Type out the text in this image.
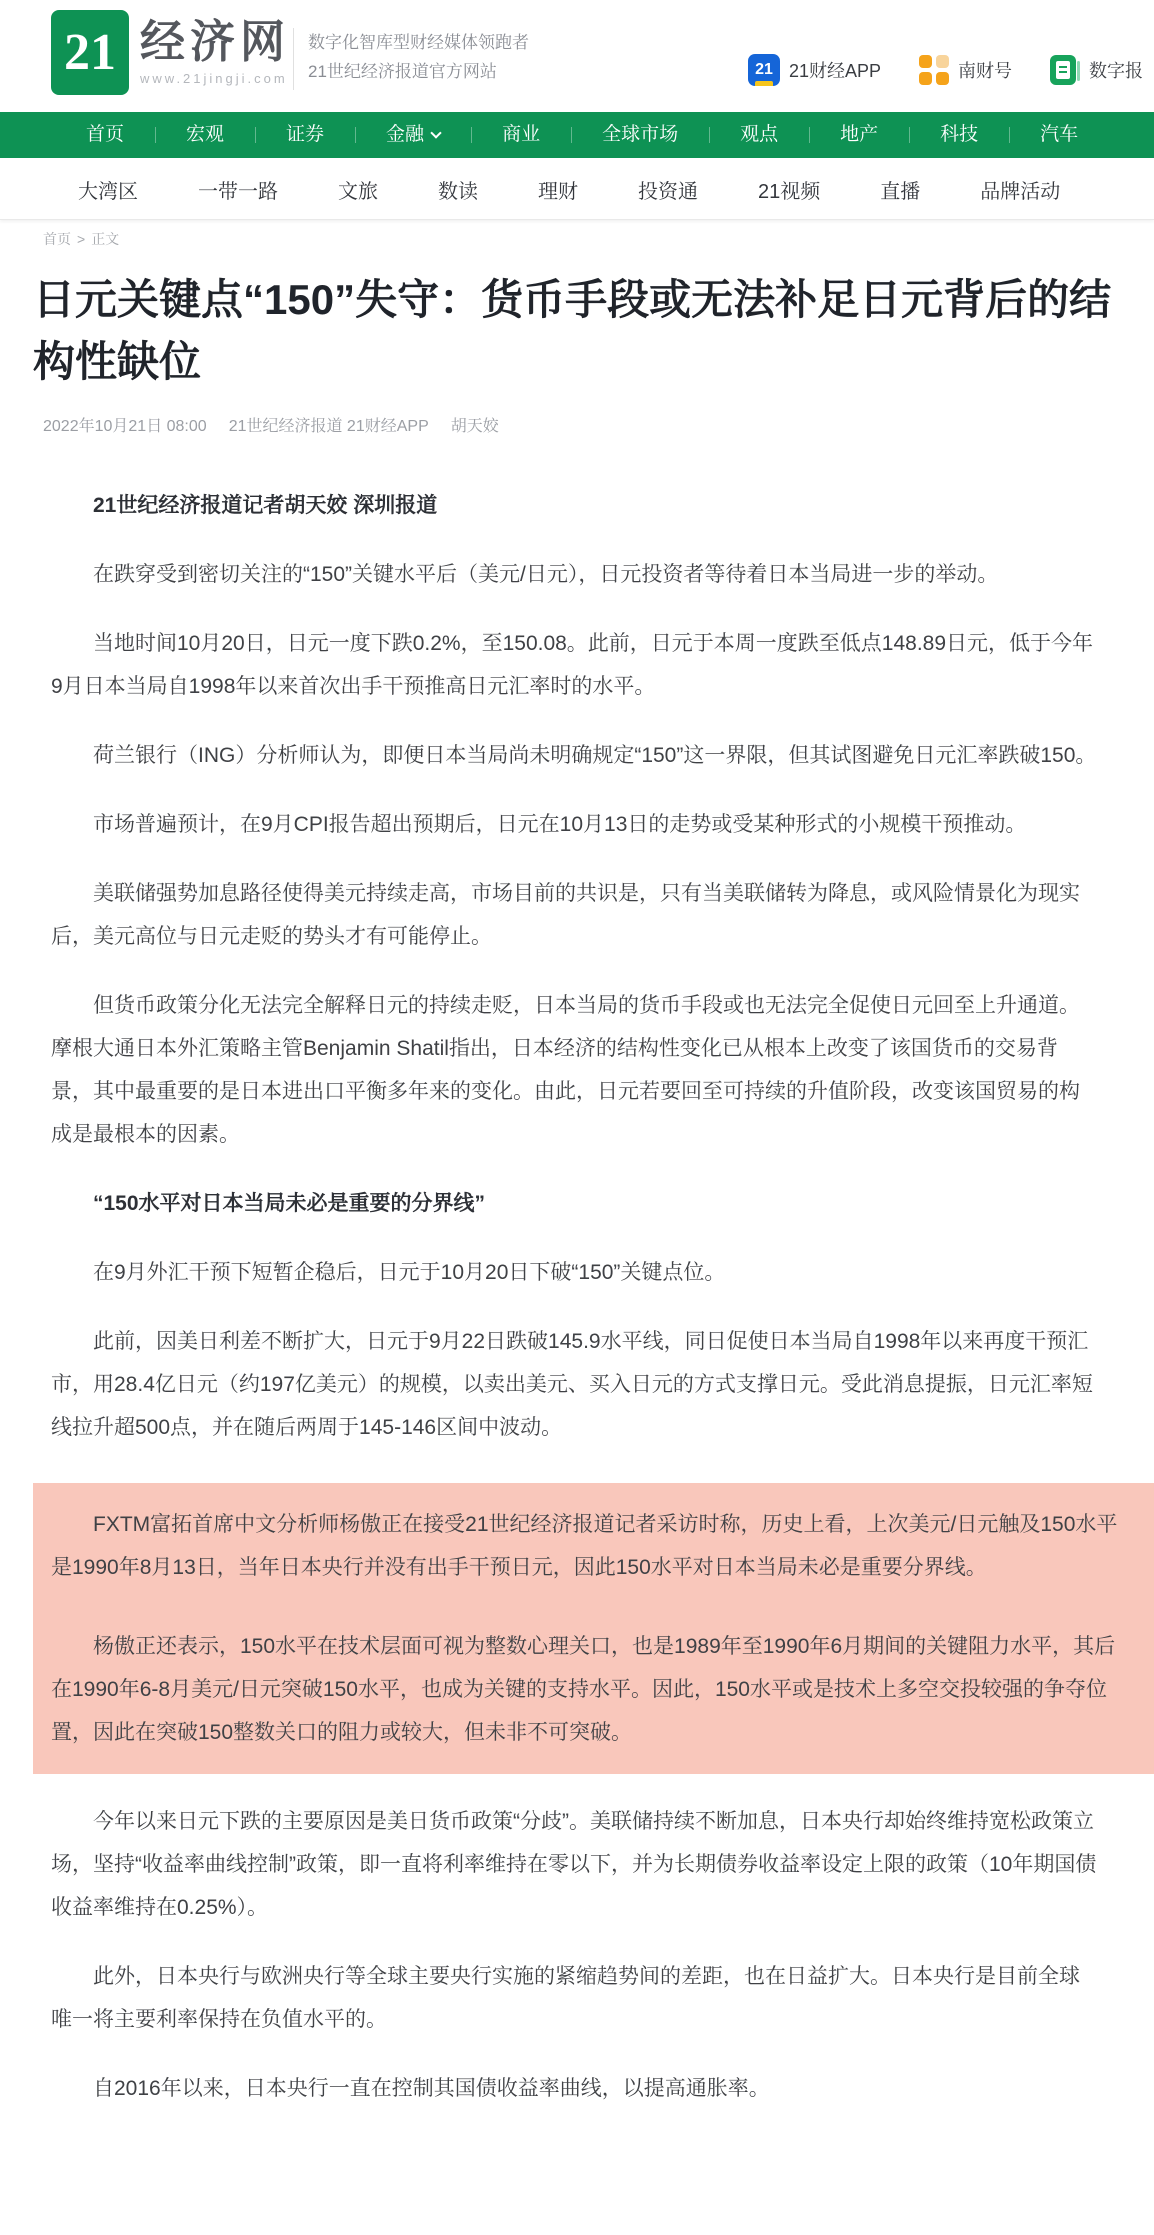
21 经济网
www.21jingji.com
数字化智库型财经媒体领跑者
21世纪经济报道官方网站	21 21财经APP	南财号	数字报
首页	宏观	证券	金融	商业	全球市场	观点	地产	科技	汽车
大湾区	一带一路	文旅	数读	理财	投资通	21视频	直播	品牌活动
首页 > 正文
日元关键点“150”失守：货币手段或无法补足日元背后的结构性缺位
2022年10月21日 08:00 21世纪经济报道 21财经APP 胡天姣

21世纪经济报道记者胡天姣 深圳报道

在跌穿受到密切关注的“150”关键水平后（美元/日元），日元投资者等待着日本当局进一步的举动。

当地时间10月20日，日元一度下跌0.2%，至150.08。此前，日元于本周一度跌至低点148.89日元，低于今年9月日本当局自1998年以来首次出手干预推高日元汇率时的水平。

荷兰银行（ING）分析师认为，即便日本当局尚未明确规定“150”这一界限，但其试图避免日元汇率跌破150。

市场普遍预计，在9月CPI报告超出预期后，日元在10月13日的走势或受某种形式的小规模干预推动。

美联储强势加息路径使得美元持续走高，市场目前的共识是，只有当美联储转为降息，或风险情景化为现实后，美元高位与日元走贬的势头才有可能停止。

但货币政策分化无法完全解释日元的持续走贬，日本当局的货币手段或也无法完全促使日元回至上升通道。摩根大通日本外汇策略主管Benjamin Shatil指出，日本经济的结构性变化已从根本上改变了该国货币的交易背景，其中最重要的是日本进出口平衡多年来的变化。由此，日元若要回至可持续的升值阶段，改变该国贸易的构成是最根本的因素。

“150水平对日本当局未必是重要的分界线”

在9月外汇干预下短暂企稳后，日元于10月20日下破“150”关键点位。

此前，因美日利差不断扩大，日元于9月22日跌破145.9水平线，同日促使日本当局自1998年以来再度干预汇市，用28.4亿日元（约197亿美元）的规模，以卖出美元、买入日元的方式支撑日元。受此消息提振，日元汇率短线拉升超500点，并在随后两周于145-146区间中波动。

FXTM富拓首席中文分析师杨傲正在接受21世纪经济报道记者采访时称，历史上看，上次美元/日元触及150水平是1990年8月13日，当年日本央行并没有出手干预日元，因此150水平对日本当局未必是重要分界线。

杨傲正还表示，150水平在技术层面可视为整数心理关口，也是1989年至1990年6月期间的关键阻力水平，其后在1990年6-8月美元/日元突破150水平，也成为关键的支持水平。因此，150水平或是技术上多空交投较强的争夺位置，因此在突破150整数关口的阻力或较大，但未非不可突破。

今年以来日元下跌的主要原因是美日货币政策“分歧”。美联储持续不断加息，日本央行却始终维持宽松政策立场，坚持“收益率曲线控制”政策，即一直将利率维持在零以下，并为长期债券收益率设定上限的政策（10年期国债收益率维持在0.25%）。

此外，日本央行与欧洲央行等全球主要央行实施的紧缩趋势间的差距，也在日益扩大。日本央行是目前全球唯一将主要利率保持在负值水平的。

自2016年以来，日本央行一直在控制其国债收益率曲线，以提高通胀率。
